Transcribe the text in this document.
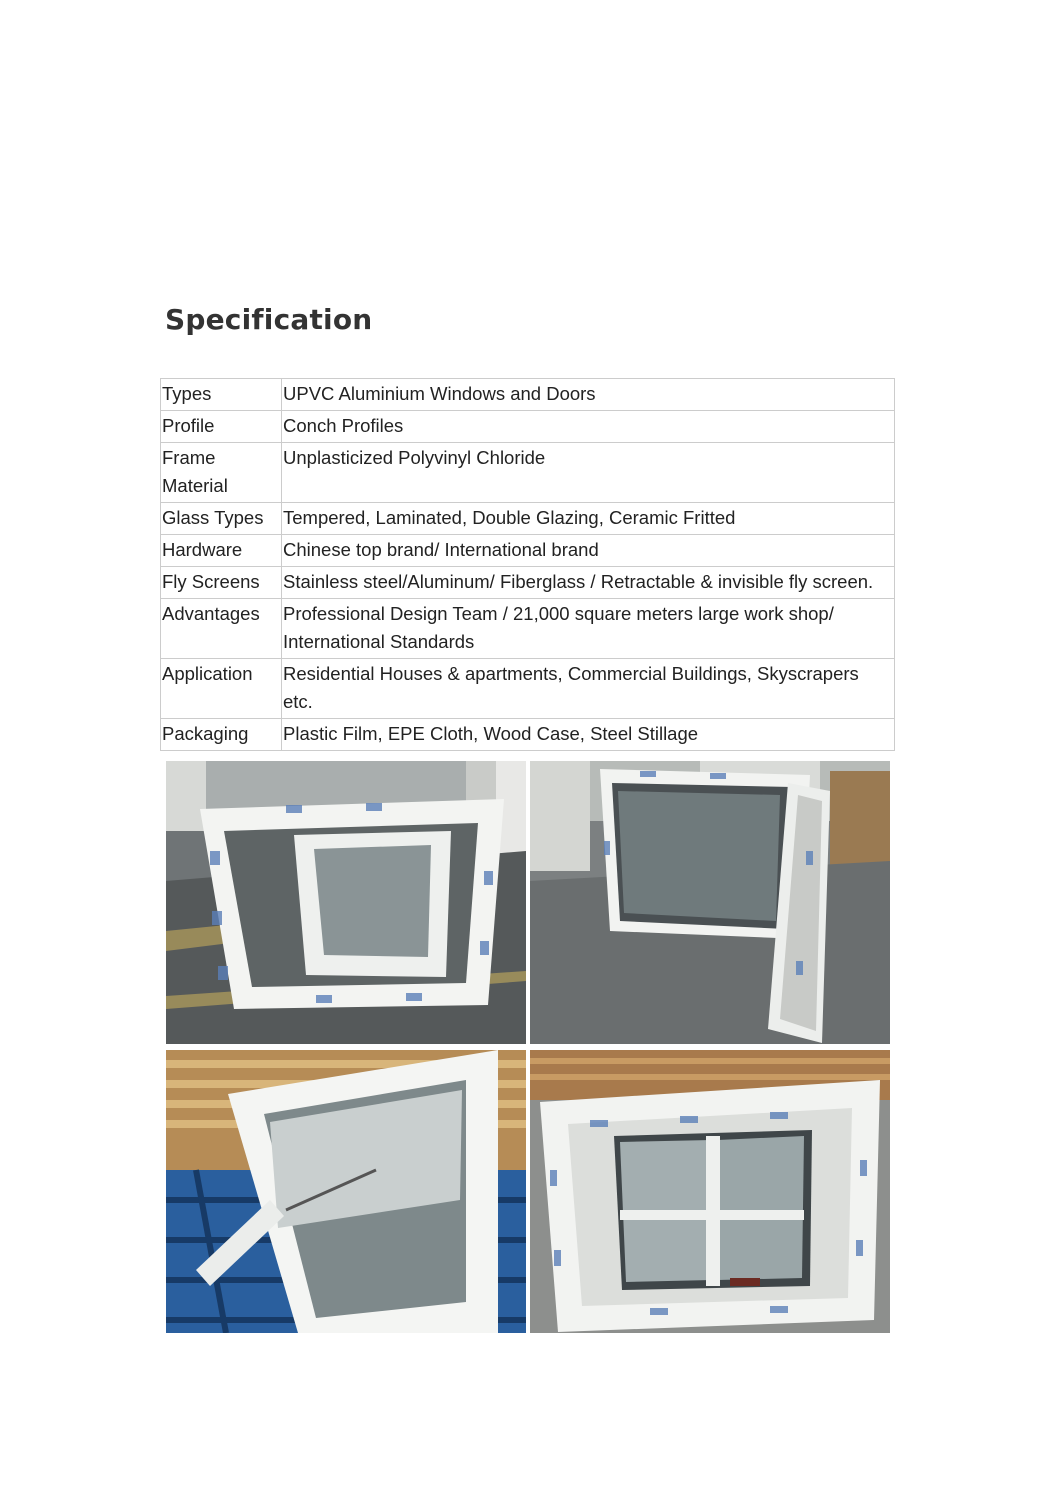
Specification
Types	UPVC Aluminium Windows and Doors
Profile	Conch Profiles
Frame Material	Unplasticized Polyvinyl Chloride
Glass Types	Tempered, Laminated, Double Glazing, Ceramic Fritted
Hardware	Chinese top brand/ International brand
Fly Screens	Stainless steel/Aluminum/ Fiberglass / Retractable & invisible fly screen.
Advantages	Professional Design Team / 21,000 square meters large work shop/ International Standards
Application	Residential Houses & apartments, Commercial Buildings, Skyscrapers etc.
Packaging	Plastic Film, EPE Cloth, Wood Case, Steel Stillage
